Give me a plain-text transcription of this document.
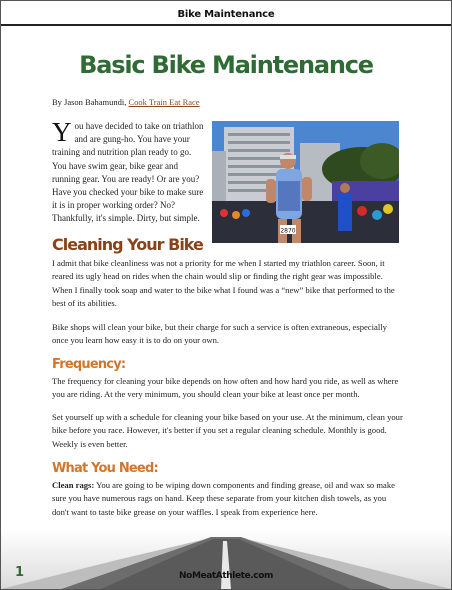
Bike Maintenance
Basic Bike Maintenance
By Jason Bahamundi, Cook Train Eat Race
You have decided to take on triathlon and are gung-ho. You have your training and nutrition plan ready to go. You have swim gear, bike gear and running gear. You are ready! Or are you? Have you checked your bike to make sure it is in proper working order? No? Thankfully, it's simple. Dirty, but simple.
2870
Cleaning Your Bike
I admit that bike cleanliness was not a priority for me when I started my triathlon career. Soon, it reared its ugly head on rides when the chain would slip or finding the right gear was impossible. When I finally took soap and water to the bike what I found was a “new” bike that performed to the best of its abilities.
Bike shops will clean your bike, but their charge for such a service is often extraneous, especially once you learn how easy it is to do on your own.
Frequency:
The frequency for cleaning your bike depends on how often and how hard you ride, as well as where you are riding. At the very minimum, you should clean your bike at least once per month.
Set yourself up with a schedule for cleaning your bike based on your use. At the minimum, clean your bike before you race. However, it's better if you set a regular cleaning schedule. Monthly is good. Weekly is even better.
What You Need:
Clean rags: You are going to be wiping down components and finding grease, oil and wax so make sure you have numerous rags on hand. Keep these separate from your kitchen dish towels, as you don't want to taste bike grease on your waffles. I speak from experience here.
1	NoMeatAthlete.com
